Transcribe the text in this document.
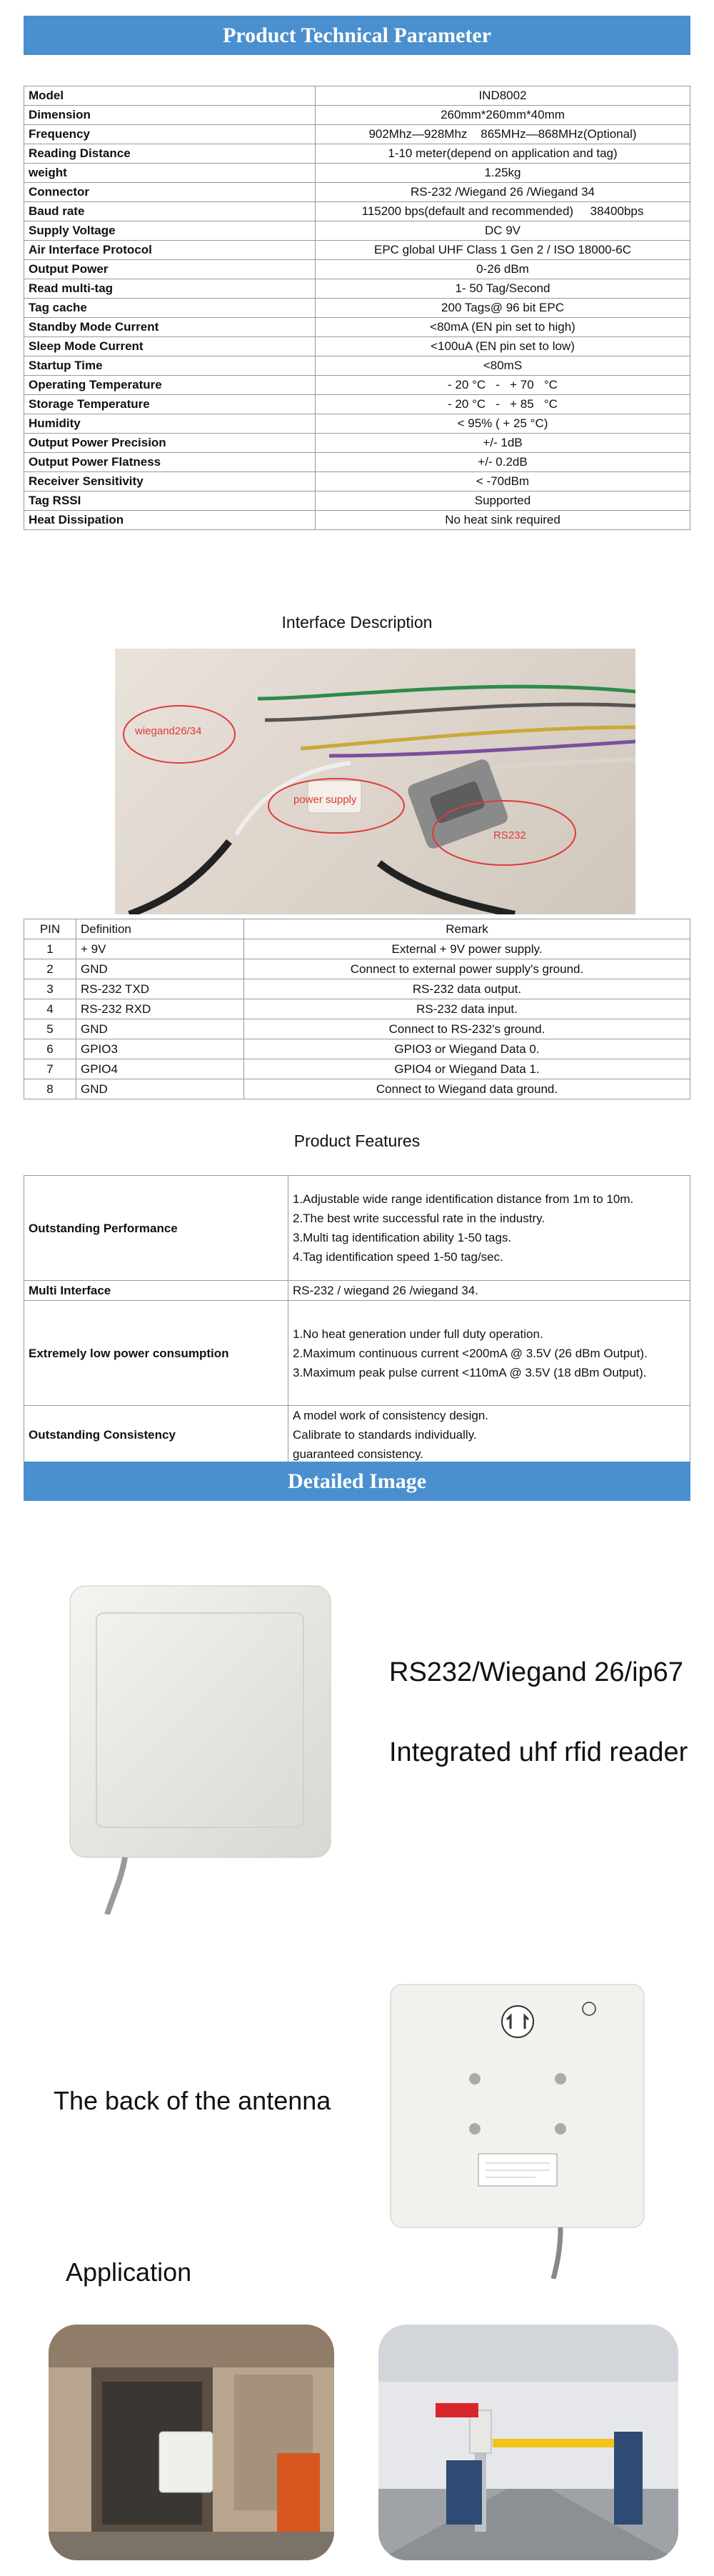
Product Technical Parameter
Model	IND8002
Dimension	260mm*260mm*40mm
Frequency	902Mhz—928Mhz    865MHz—868MHz(Optional)
Reading Distance	1-10 meter(depend on application and tag)
weight	1.25kg
Connector	RS-232 /Wiegand 26 /Wiegand 34
Baud rate	115200 bps(default and recommended)     38400bps
Supply Voltage	DC 9V
Air Interface Protocol	EPC global UHF Class 1 Gen 2 / ISO 18000-6C
Output Power	0-26 dBm
Read multi-tag	1- 50 Tag/Second
Tag cache	200 Tags@ 96 bit EPC
Standby Mode Current	<80mA (EN pin set to high)
Sleep Mode Current	<100uA (EN pin set to low)
Startup Time	<80mS
Operating Temperature	- 20 °C   -   + 70   °C
Storage Temperature	- 20 °C   -   + 85   °C
Humidity	< 95% ( + 25 °C)
Output Power Precision	+/- 1dB
Output Power Flatness	+/- 0.2dB
Receiver Sensitivity	< -70dBm
Tag RSSI	Supported
Heat Dissipation	No heat sink required
Interface Description
wiegand26/34
power supply
RS232
PIN	Definition	Remark
1	+ 9V	External + 9V power supply.
2	GND	Connect to external power supply's ground.
3	RS-232 TXD	RS-232 data output.
4	RS-232 RXD	RS-232 data input.
5	GND	Connect to RS-232's ground.
6	GPIO3	GPIO3 or Wiegand Data 0.
7	GPIO4	GPIO4 or Wiegand Data 1.
8	GND	Connect to Wiegand data ground.
Product Features
Outstanding Performance	1.Adjustable wide range identification distance from 1m to 10m.
2.The best write successful rate in the industry.
3.Multi tag identification ability 1-50 tags.
4.Tag identification speed 1-50 tag/sec.

Multi Interface	RS-232 / wiegand 26 /wiegand 34.

Extremely low power consumption	1.No heat generation under full duty operation.
2.Maximum continuous current <200mA @ 3.5V (26 dBm Output).
3.Maximum peak pulse current <110mA @ 3.5V (18 dBm Output).

Outstanding Consistency	A model work of consistency design.
Calibrate to standards individually.
guaranteed consistency.
Detailed Image
RS232/Wiegand 26/ip67
Integrated uhf rfid reader
The back of the antenna
Application
